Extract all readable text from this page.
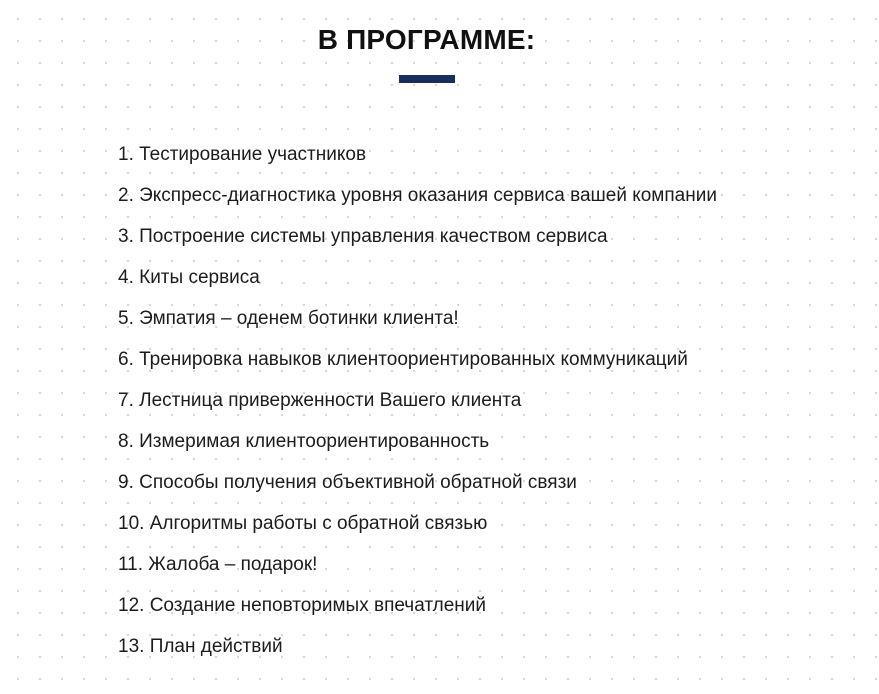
В ПРОГРАММЕ:
1. Тестирование участников
2. Экспресс-диагностика уровня оказания сервиса вашей компании
3. Построение системы управления качеством сервиса
4. Киты сервиса
5. Эмпатия – оденем ботинки клиента!
6. Тренировка навыков клиентоориентированных коммуникаций
7. Лестница приверженности Вашего клиента
8. Измеримая клиентоориентированность
9. Способы получения объективной обратной связи
10. Алгоритмы работы с обратной связью
11. Жалоба – подарок!
12. Создание неповторимых впечатлений
13. План действий
